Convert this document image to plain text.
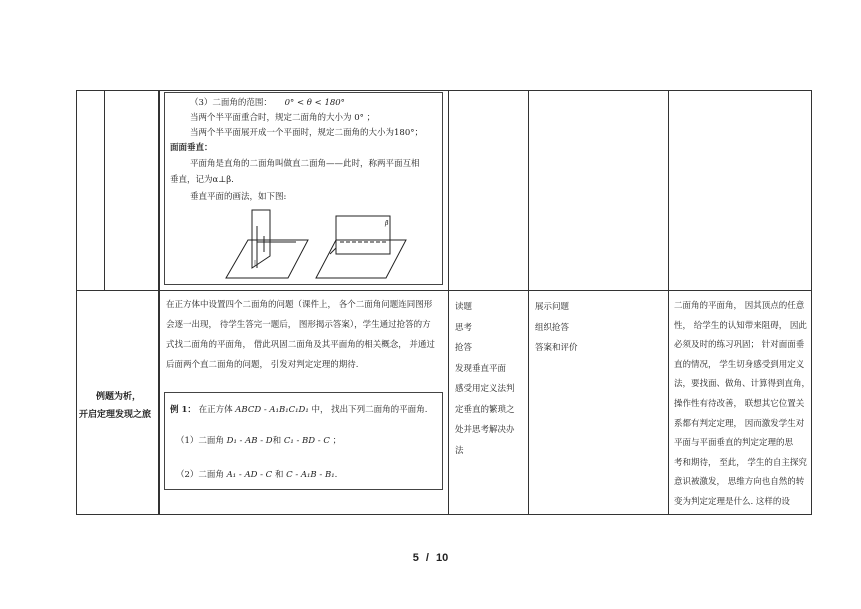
（3）二面角的范围： 0° < θ < 180°
当两个半平面重合时，规定二面角的大小为 0° ；
当两个半平面展开成一个平面时，规定二面角的大小为180°；
面面垂直：
平面角是直角的二面角叫做直二面角——此时，称两平面互相
垂直，记为α⊥β.
垂直平面的画法，如下图:
β
例题为析，
开启定理发现之旅

在正方体中设置四个二面角的问题（课件上， 各个二面角问题连同图形

会逐一出现， 待学生答完一题后， 图形揭示答案），学生通过抢答的方

式找二面角的平面角， 借此巩固二面角及其平面角的相关概念， 并通过

后面两个直二面角的问题， 引发对判定定理的期待.

例 1： 在正方体 ABCD - A₁B₁C₁D₁ 中， 找出下列二面角的平面角.
（1）二面角 D₁ - AB - D和 C₁ - BD - C ；
（2）二面角 A₁ - AD - C 和 C - A₁B - B₁.

读题

思考

抢答

发现垂直平面

感受用定义法判

定垂直的繁琐之

处并思考解决办

法

展示问题

组织抢答

答案和评价

二面角的平面角， 因其顶点的任意

性， 给学生的认知带来阻碍， 因此

必须及时的练习巩固； 针对面面垂

直的情况， 学生切身感受到用定义

法，要找面、做角、计算得到直角，

操作性有待改善， 联想其它位置关

系都有判定定理， 因而激发学生对

平面与平面垂直的判定定理的思

考和期待， 至此， 学生的自主探究

意识被激发， 思维方向也自然的转

变为判定定理是什么. 这样的设

5 / 10
